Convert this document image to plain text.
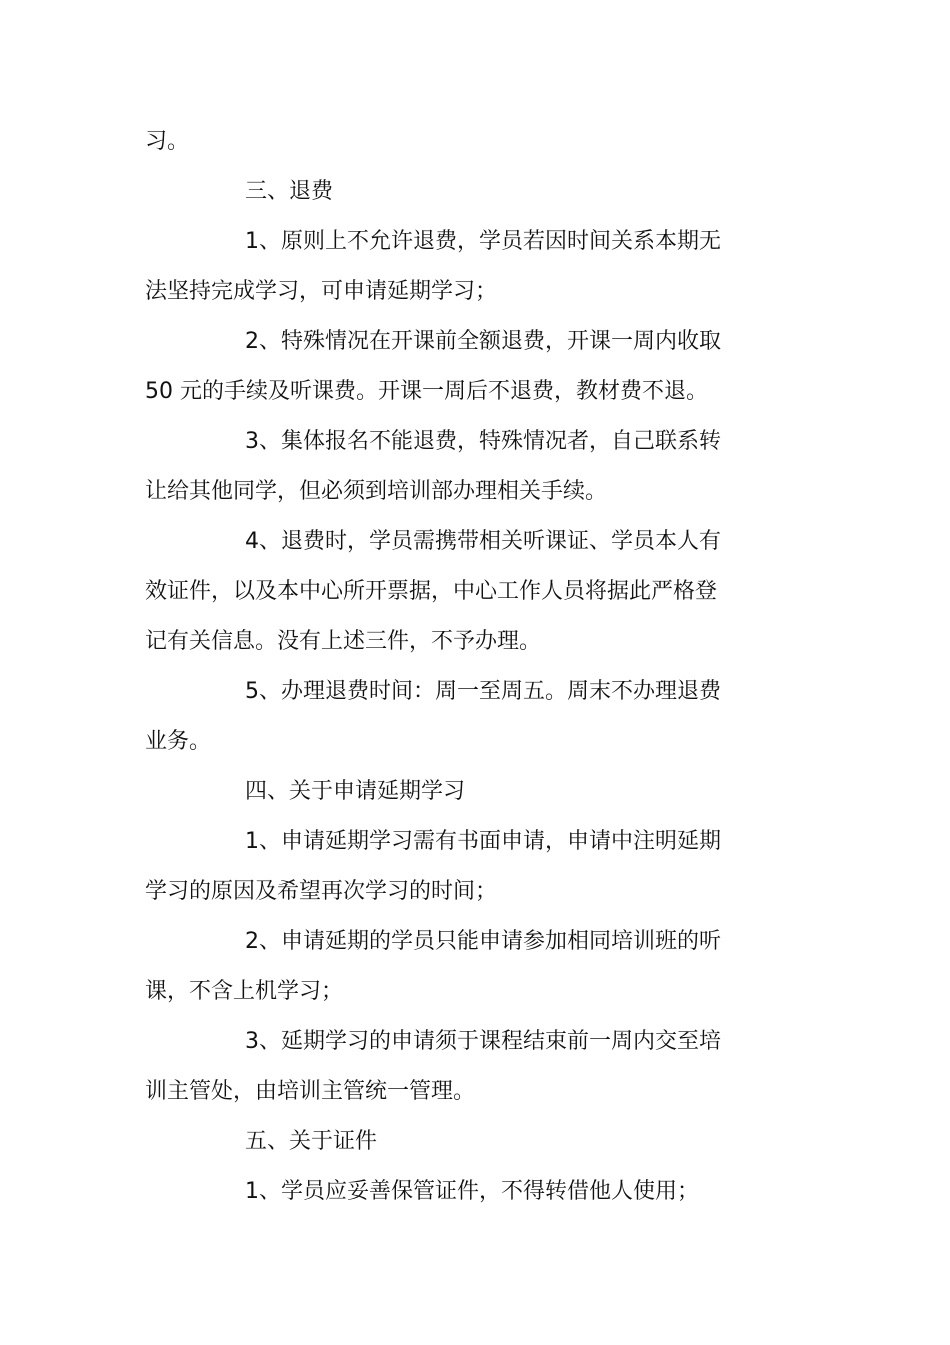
习。
三、退费
1、原则上不允许退费，学员若因时间关系本期无
法坚持完成学习，可申请延期学习；
2、特殊情况在开课前全额退费，开课一周内收取
50 元的手续及听课费。开课一周后不退费，教材费不退。
3、集体报名不能退费，特殊情况者，自己联系转
让给其他同学，但必须到培训部办理相关手续。
4、退费时，学员需携带相关听课证、学员本人有
效证件，以及本中心所开票据，中心工作人员将据此严格登
记有关信息。没有上述三件，不予办理。
5、办理退费时间：周一至周五。周末不办理退费
业务。
四、关于申请延期学习
1、申请延期学习需有书面申请，申请中注明延期
学习的原因及希望再次学习的时间；
2、申请延期的学员只能申请参加相同培训班的听
课，不含上机学习；
3、延期学习的申请须于课程结束前一周内交至培
训主管处，由培训主管统一管理。
五、关于证件
1、学员应妥善保管证件，不得转借他人使用；
